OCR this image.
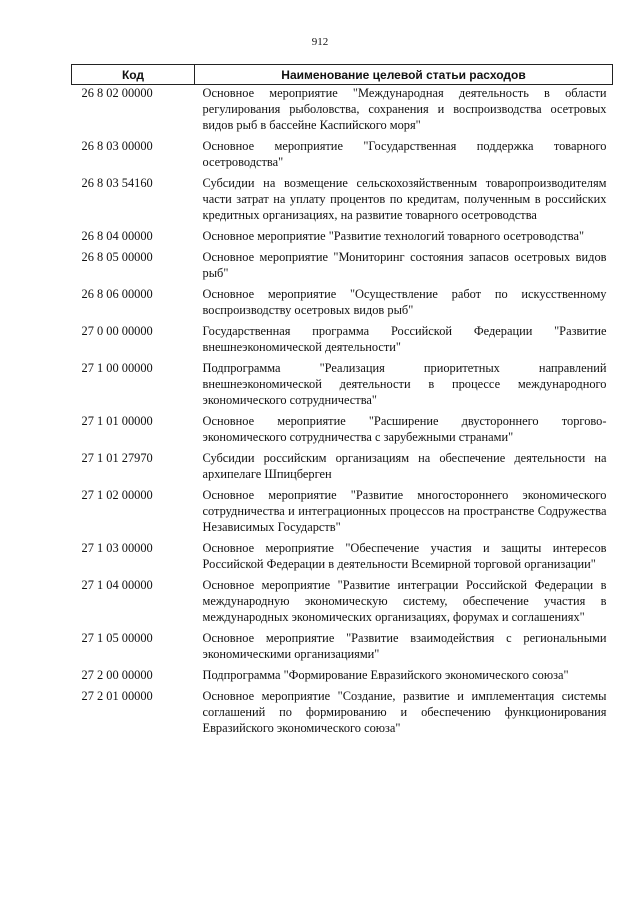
912
Код	Наименование целевой статьи расходов
26 8 02 00000	Основное мероприятие "Международная деятельность в области регулирования рыболовства, сохранения и воспроизводства осетровых видов рыб в бассейне Каспийского моря"
26 8 03 00000	Основное мероприятие "Государственная поддержка товарного осетроводства"
26 8 03 54160	Субсидии на возмещение сельскохозяйственным товаропроизводителям части затрат на уплату процентов по кредитам, полученным в российских кредитных организациях, на развитие товарного осетроводства
26 8 04 00000	Основное мероприятие "Развитие технологий товарного осетроводства"
26 8 05 00000	Основное мероприятие "Мониторинг состояния запасов осетровых видов рыб"
26 8 06 00000	Основное мероприятие "Осуществление работ по искусственному воспроизводству осетровых видов рыб"
27 0 00 00000	Государственная программа Российской Федерации "Развитие внешнеэкономической деятельности"
27 1 00 00000	Подпрограмма "Реализация приоритетных направлений внешнеэкономической деятельности в процессе международного экономического сотрудничества"
27 1 01 00000	Основное мероприятие "Расширение двустороннего торгово-экономического сотрудничества с зарубежными странами"
27 1 01 27970	Субсидии российским организациям на обеспечение деятельности на архипелаге Шпицберген
27 1 02 00000	Основное мероприятие "Развитие многостороннего экономического сотрудничества и интеграционных процессов на пространстве Содружества Независимых Государств"
27 1 03 00000	Основное мероприятие "Обеспечение участия и защиты интересов Российской Федерации в деятельности Всемирной торговой организации"
27 1 04 00000	Основное мероприятие "Развитие интеграции Российской Федерации в международную экономическую систему, обеспечение участия в международных экономических организациях, форумах и соглашениях"
27 1 05 00000	Основное мероприятие "Развитие взаимодействия с региональными экономическими организациями"
27 2 00 00000	Подпрограмма "Формирование Евразийского экономического союза"
27 2 01 00000	Основное мероприятие "Создание, развитие и имплементация системы соглашений по формированию и обеспечению функционирования Евразийского экономического союза"
